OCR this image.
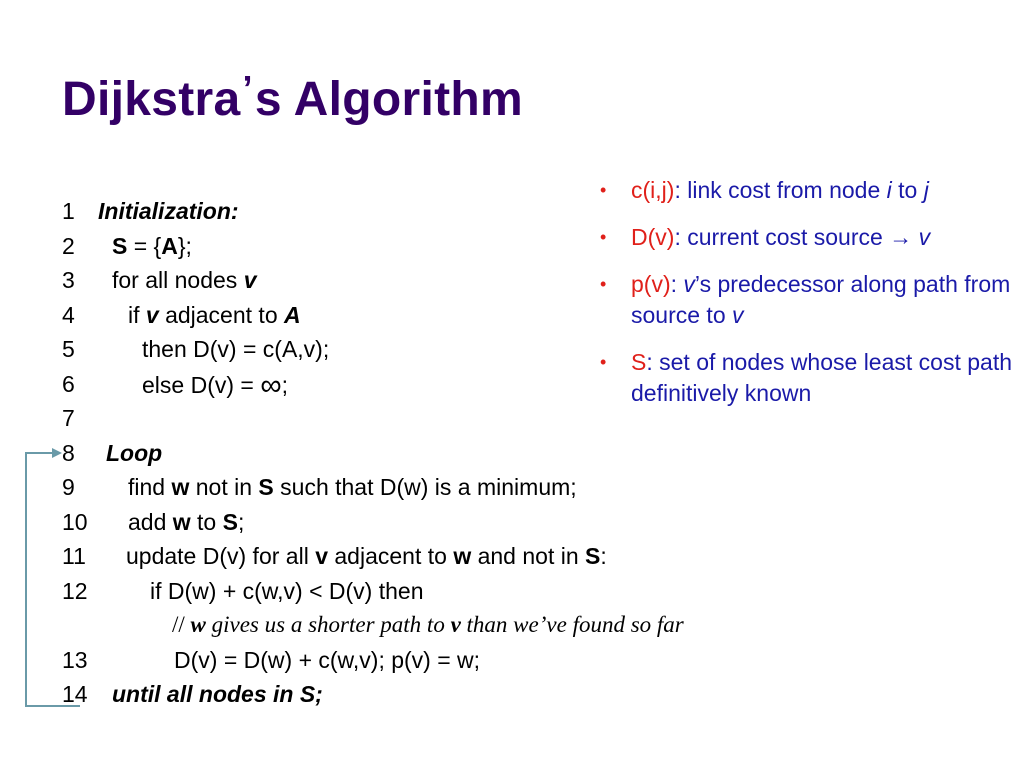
Dijkstra’s Algorithm
1 Initialization:
2 S = {A};
3 for all nodes v
4 if v adjacent to A
5	then D(v) = c(A,v);
6	else D(v) = ∞;
7
8 Loop
9 find w not in S such that D(w) is a minimum;
10 add w to S;
11 update D(v) for all v adjacent to w and not in S:
12	if D(w) + c(w,v) < D(v) then
// w gives us a shorter path to v than we’ve found so far
13	D(v) = D(w) + c(w,v); p(v) = w;
14 until all nodes in S;
• c(i,j): link cost from node i to j
• D(v): current cost source → v
• p(v): v’s predecessor along path from source to v
• S: set of nodes whose least cost path definitively known
